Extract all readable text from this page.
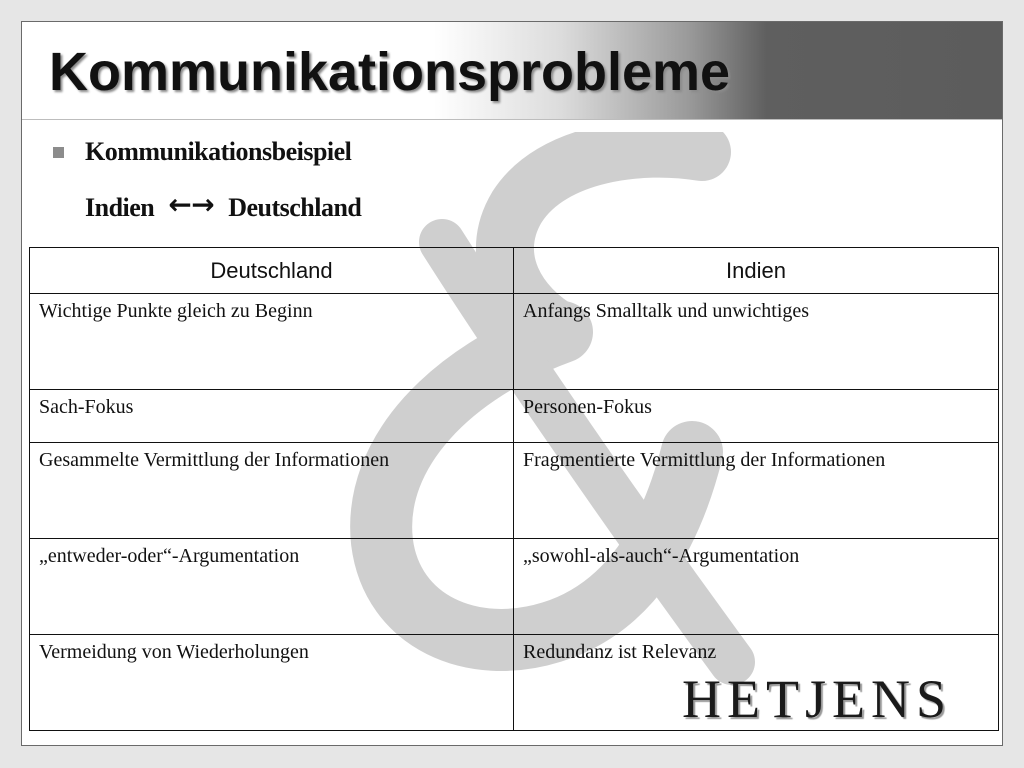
Kommunikationsprobleme
Kommunikationsbeispiel
Indien ←→ Deutschland
Deutschland	Indien
Wichtige Punkte gleich zu Beginn	Anfangs Smalltalk und unwichtiges
Sach-Fokus	Personen-Fokus
Gesammelte Vermittlung der Informationen	Fragmentierte Vermittlung der Informationen
„entweder-oder“-Argumentation	„sowohl-als-auch“-Argumentation
Vermeidung von Wiederholungen	Redundanz ist Relevanz
HETJENS
